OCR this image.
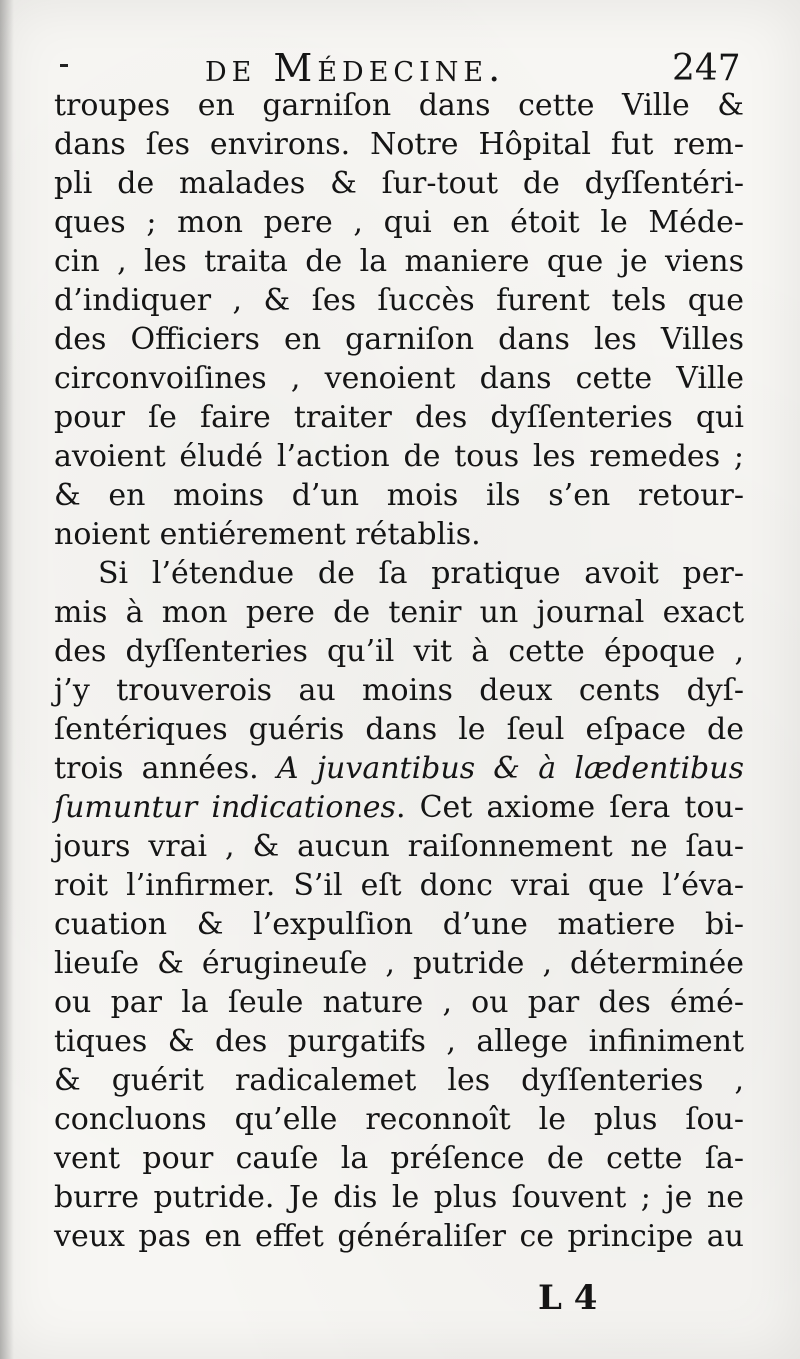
de Médecine.	247
troupes en garniſon dans cette Ville &
dans ſes environs. Notre Hôpital fut rem-
pli de malades & ſur-tout de dyſſentéri-
ques ; mon pere , qui en étoit le Méde-
cin , les traita de la maniere que je viens
d’indiquer , & ſes ſuccès furent tels que
des Officiers en garniſon dans les Villes
circonvoiſines , venoient dans cette Ville
pour ſe faire traiter des dyſſenteries qui
avoient éludé l’action de tous les remedes ;
& en moins d’un mois ils s’en retour-
noient entiérement rétablis.
Si l’étendue de ſa pratique avoit per-
mis à mon pere de tenir un journal exact
des dyſſenteries qu’il vit à cette époque ,
j’y trouverois au moins deux cents dyſ-
ſentériques guéris dans le ſeul eſpace de
trois années. A juvantibus & à lædentibus
ſumuntur indicationes. Cet axiome ſera tou-
jours vrai , & aucun raiſonnement ne ſau-
roit l’infirmer. S’il eſt donc vrai que l’éva-
cuation & l’expulſion d’une matiere bi-
lieuſe & érugineuſe , putride , déterminée
ou par la ſeule nature , ou par des émé-
tiques & des purgatifs , allege infiniment
& guérit radicalemet les dyſſenteries ,
concluons qu’elle reconnoît le plus ſou-
vent pour cauſe la préſence de cette ſa-
burre putride. Je dis le plus ſouvent ; je ne
veux pas en effet généraliſer ce principe au
L 4
